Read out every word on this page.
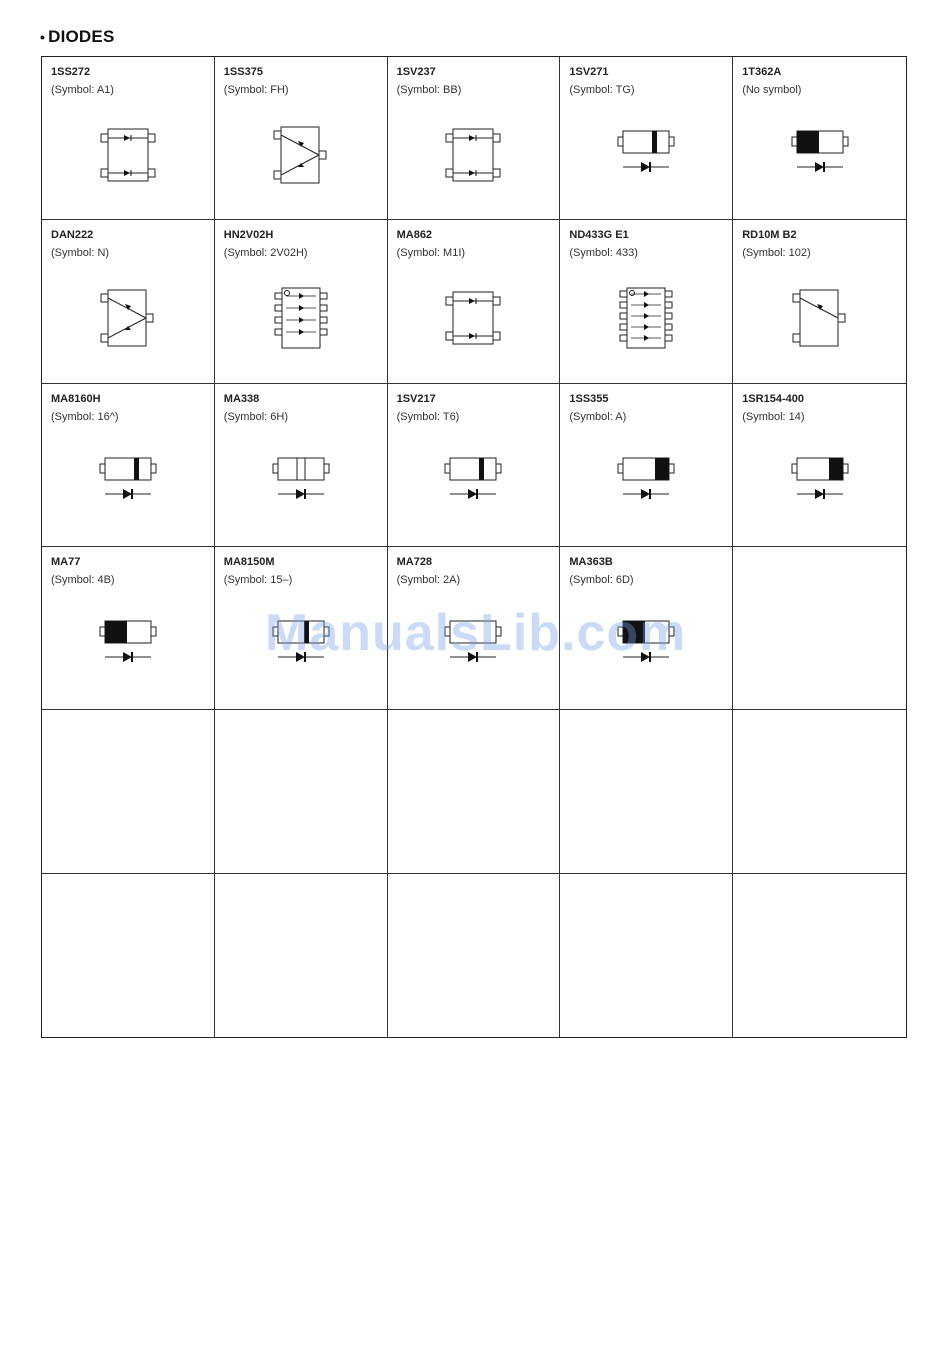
• DIODES
1SS272
(Symbol: A1)
1SS375
(Symbol: FH)
1SV237
(Symbol: BB)
1SV271
(Symbol: TG)
1T362A
(No symbol)
DAN222
(Symbol: N)
HN2V02H
(Symbol: 2V02H)
MA862
(Symbol: M1I)
ND433G E1
(Symbol: 433)
RD10M B2
(Symbol: 102)
MA8160H
(Symbol: 16^)
MA338
(Symbol: 6H)
1SV217
(Symbol: T6)
1SS355
(Symbol: A)
1SR154-400
(Symbol: 14)
MA77
(Symbol: 4B)
MA8150M
(Symbol: 15–)
MA728
(Symbol: 2A)
MA363B
(Symbol: 6D)
ManualsLib.com
